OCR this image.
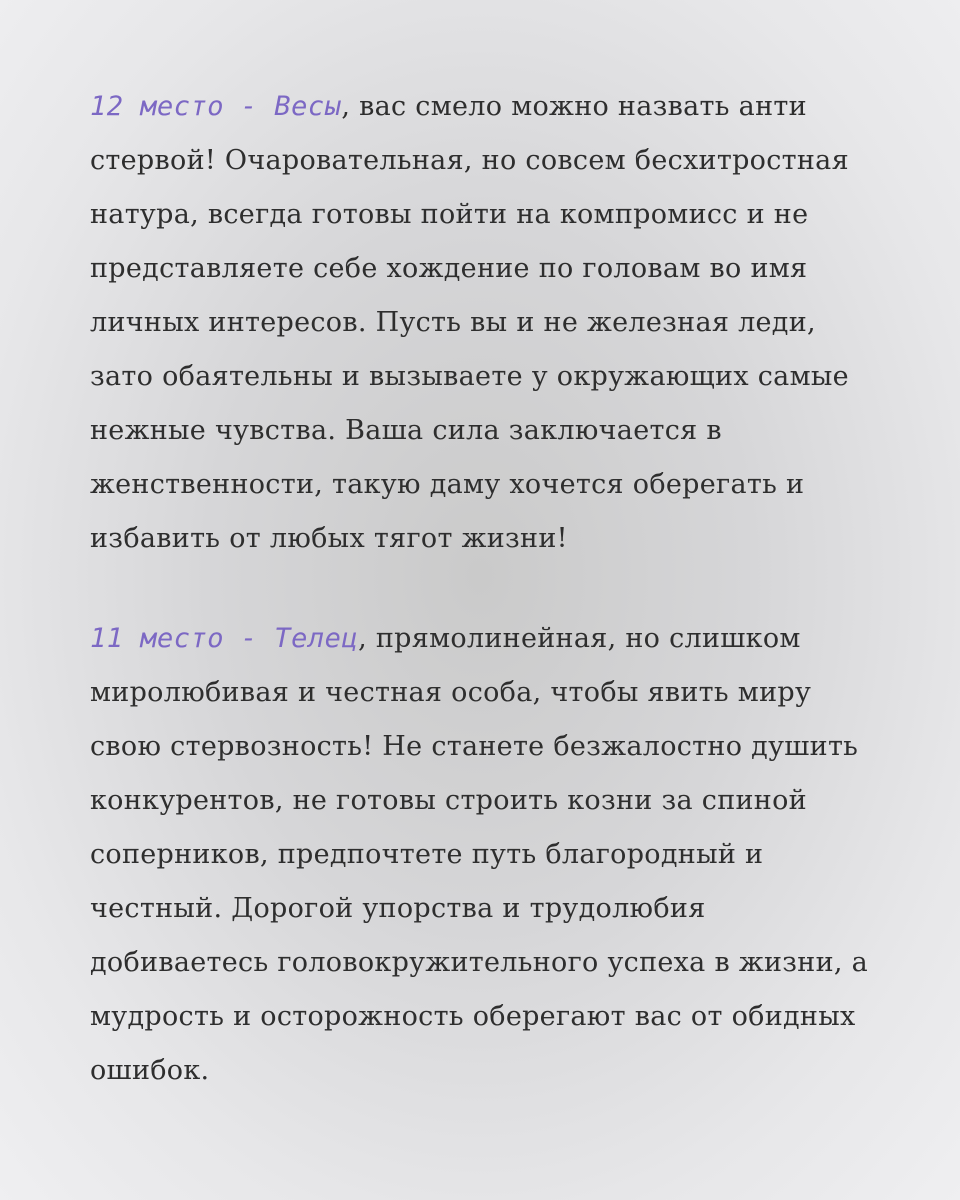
12 место - Весы, вас смело можно назвать анти
стервой! Очаровательная, но совсем бесхитростная
натура, всегда готовы пойти на компромисс и не
представляете себе хождение по головам во имя
личных интересов. Пусть вы и не железная леди,
зато обаятельны и вызываете у окружающих самые
нежные чувства. Ваша сила заключается в
женственности, такую даму хочется оберегать и
избавить от любых тягот жизни!

11 место - Телец, прямолинейная, но слишком
миролюбивая и честная особа, чтобы явить миру
свою стервозность! Не станете безжалостно душить
конкурентов, не готовы строить козни за спиной
соперников, предпочтете путь благородный и
честный. Дорогой упорства и трудолюбия
добиваетесь головокружительного успеха в жизни, а
мудрость и осторожность оберегают вас от обидных
ошибок.
